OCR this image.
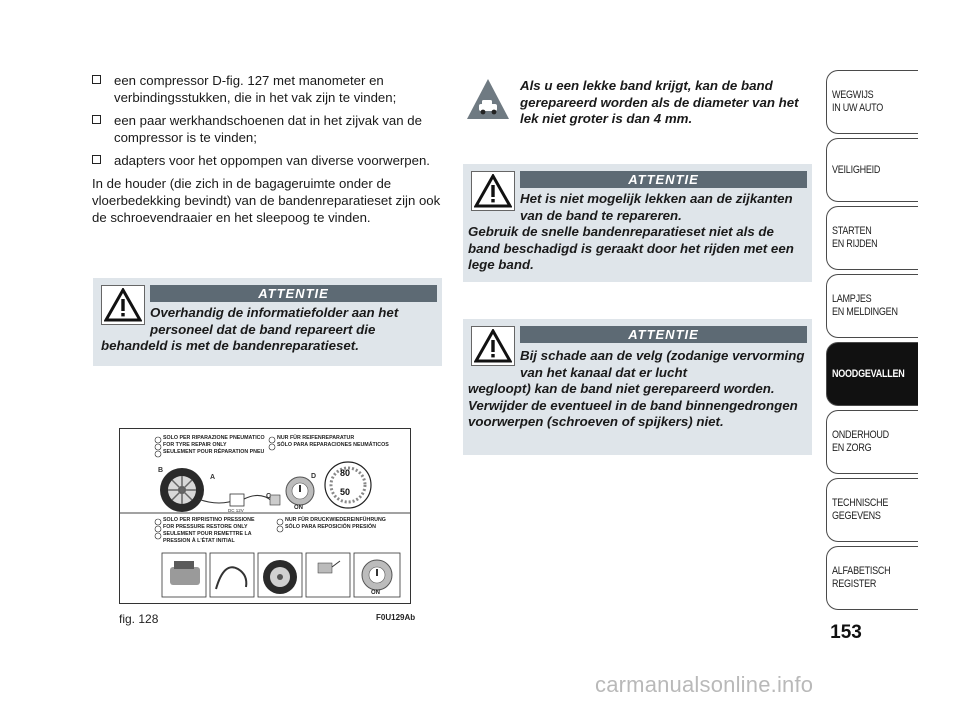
een compressor D-fig. 127 met manometer en verbindingsstukken, die in het vak zijn te vinden;
een paar werkhandschoenen dat in het zijvak van de compressor is te vinden;
adapters voor het oppompen van diverse voorwerpen.

In de houder (die zich in de bagageruimte onder de vloerbedekking bevindt) van de bandenreparatieset zijn ook de schroevendraaier en het sleepoog te vinden.

ATTENTIE
Overhandig de informatiefolder aan het personeel dat de band repareert die
behandeld is met de bandenreparatieset.
Als u een lekke band krijgt, kan de band gerepareerd worden als de diameter van het lek niet groter is dan 4 mm.
ATTENTIE
Het is niet mogelijk lekken aan de zijkanten van de band te repareren.
Gebruik de snelle bandenreparatieset niet als de band beschadigd is geraakt door het rijden met een lege band.
ATTENTIE
Bij schade aan de velg (zodanige vervorming van het kanaal dat er lucht
wegloopt) kan de band niet gerepareerd worden. Verwijder de eventueel in de band binnengedrongen voorwerpen (schroeven of spijkers) niet.
SOLO PER RIPARAZIONE PNEUMATICO
FOR TYRE REPAIR ONLY
SEULEMENT POUR RÉPARATION PNEU
NUR FÜR REIFENREPARATUR
SÓLO PARA REPARACIONES NEUMÁTICOS
SOLO PER RIPRISTINO PRESSIONE
FOR PRESSURE RESTORE ONLY
SEULEMENT POUR REMETTRE LA PRESSION À L'ÉTAT INITIAL
NUR FÜR DRUCKWIEDEREINFÜHRUNG
SÓLO PARA REPOSICIÓN PRESIÓN
B
A
C
D	80
50
ON
ON
DC 12V
fig. 128	F0U129Ab
WEGWIJS
IN UW AUTO
VEILIGHEID
STARTEN
EN RIJDEN
LAMPJES
EN MELDINGEN
NOODGEVALLEN
ONDERHOUD
EN ZORG
TECHNISCHE
GEGEVENS
ALFABETISCH
REGISTER
153
carmanualsonline.info
